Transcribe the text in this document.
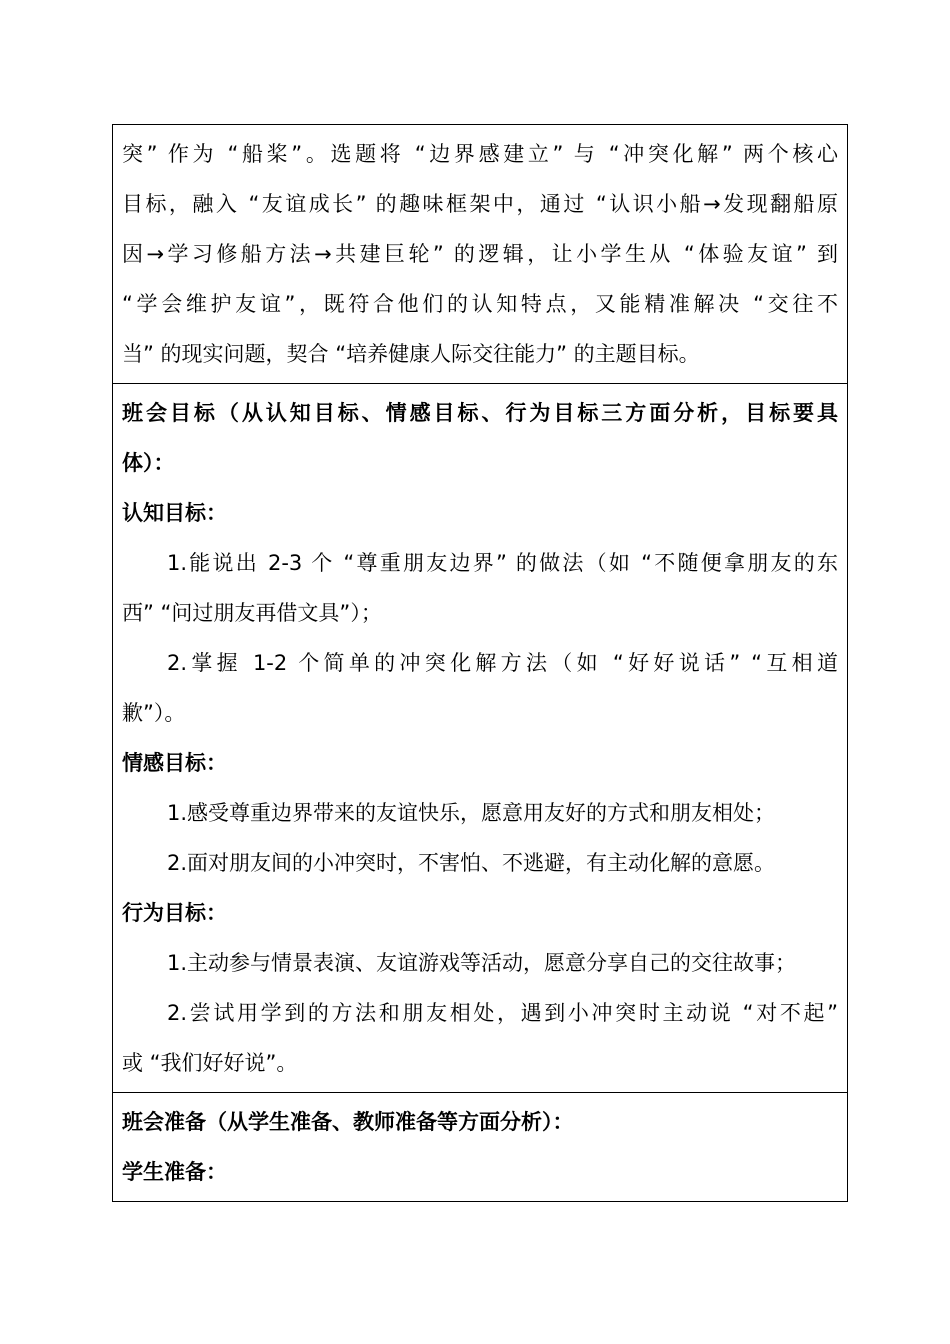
突” 作为 “船桨”。选题将 “边界感建立” 与 “冲突化解” 两个核心
目标，融入 “友谊成长” 的趣味框架中，通过 “认识小船→发现翻船原
因→学习修船方法→共建巨轮” 的逻辑，让小学生从 “体验友谊” 到
“学会维护友谊”，既符合他们的认知特点，又能精准解决 “交往不
当” 的现实问题，契合 “培养健康人际交往能力” 的主题目标。

班会目标（从认知目标、情感目标、行为目标三方面分析，目标要具
体）：
认知目标：
1.能说出 2-3 个 “尊重朋友边界” 的做法（如 “不随便拿朋友的东
西” “问过朋友再借文具”）；
2.掌握 1-2 个简单的冲突化解方法（如 “好好说话” “互相道
歉”）。
情感目标：
1.感受尊重边界带来的友谊快乐，愿意用友好的方式和朋友相处；
2.面对朋友间的小冲突时，不害怕、不逃避，有主动化解的意愿。
行为目标：
1.主动参与情景表演、友谊游戏等活动，愿意分享自己的交往故事；
2.尝试用学到的方法和朋友相处，遇到小冲突时主动说 “对不起”
或 “我们好好说”。

班会准备（从学生准备、教师准备等方面分析）：
学生准备：
